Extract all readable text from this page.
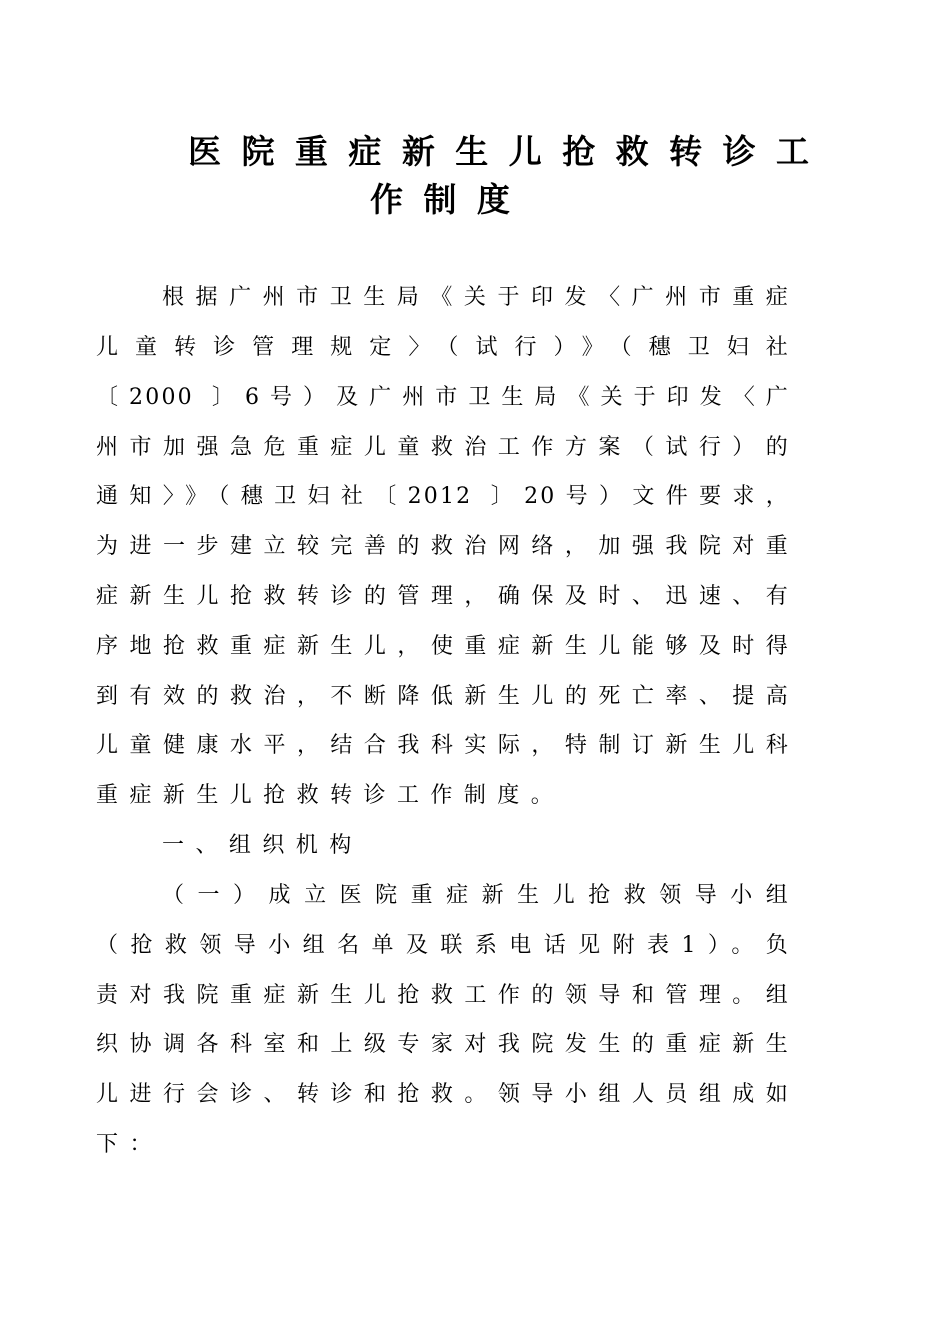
医院重症新生儿抢救转诊工
作制度
根据广州市卫生局《关于印发〈广州市重症
儿童转诊管理规定〉（试行）》（穗卫妇社
〔2000 〕6号）及广州市卫生局《关于印发〈广
州市加强急危重症儿童救治工作方案（试行）的
通知〉》（穗卫妇社〔2012 〕20号）文件要求，
为进一步建立较完善的救治网络，加强我院对重
症新生儿抢救转诊的管理，确保及时、迅速、有
序地抢救重症新生儿，使重症新生儿能够及时得
到有效的救治，不断降低新生儿的死亡率、提高
儿童健康水平，结合我科实际，特制订新生儿科
重症新生儿抢救转诊工作制度。
一、组织机构
（一）成立医院重症新生儿抢救领导小组
（抢救领导小组名单及联系电话见附表1）。负
责对我院重症新生儿抢救工作的领导和管理。组
织协调各科室和上级专家对我院发生的重症新生
儿进行会诊、转诊和抢救。领导小组人员组成如
下：
